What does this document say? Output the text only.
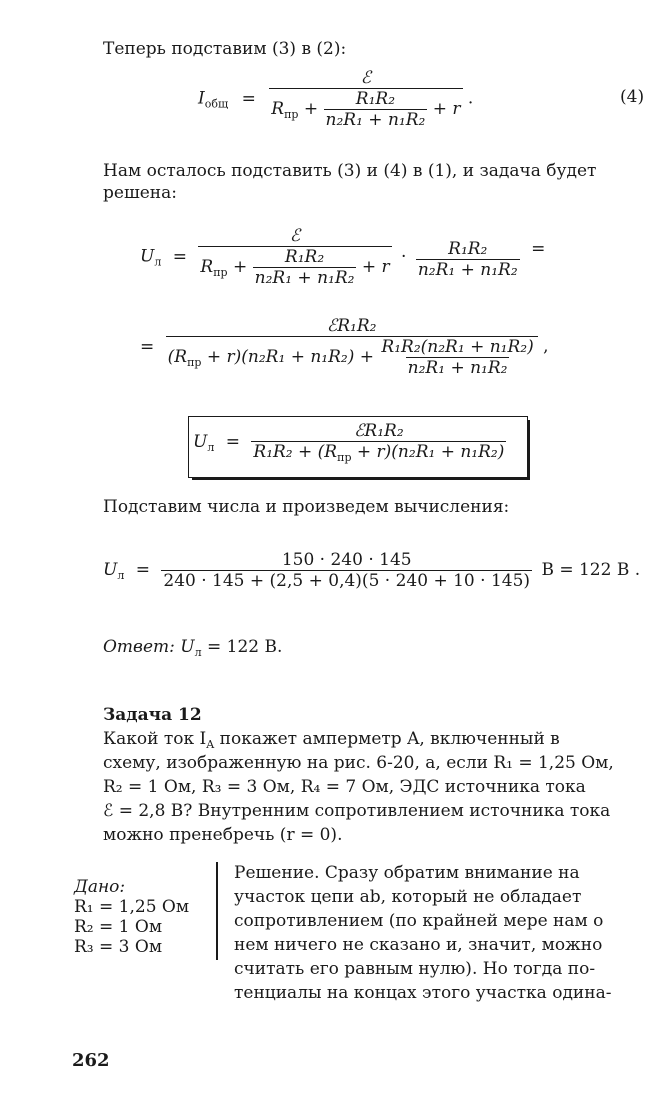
Теперь подставим (3) в (2):
$I_{общ}$ =
ℰ
$R_{пр} + \frac{\text{R₁R₂}}{\text{n₂R₁ + n₁R₂}} + r$
.	(4)
Нам осталось подставить (3) и (4) в (1), и задача будет
решена:
$U_л$ =
ℰ
$R_{пр} + \frac{\text{R₁R₂}}{\text{n₂R₁ + n₁R₂}} + r$
· $\frac{\text{R₁R₂}}{\text{n₂R₁ + n₁R₂}}$ =
=
ℰR₁R₂
$(R_{пр} + r)(n_2R_1 + n_1R_2) + \frac{\text{R₁R₂(n₂R₁ + n₁R₂)}}{\text{n₂R₁ + n₁R₂}}$ ,
$U_л = \frac{\text{ℰR₁R₂}}{R_1R_2 + (R_{пр} + r)(n_2R_1 + n_1R_2)}$
Подставим числа и произведем вычисления:
$U_л = \frac{150 \cdot 240 \cdot 145}{240 \cdot 145 + (2,5 + 0,4)(5 \cdot 240 + 10 \cdot 145)}$ В = 122 В .
Ответ: $U_л = 122$ В.
Задача 12
Какой ток $I_A$ покажет амперметр A, включенный в
схему, изображенную на рис. 6-20, а, если R₁ = 1,25 Ом,
R₂ = 1 Ом, R₃ = 3 Ом, R₄ = 7 Ом, ЭДС источника тока
ℰ = 2,8 В? Внутренним сопротивлением источника тока
можно пренебречь (r = 0).
Дано:
R₁ = 1,25 Ом
R₂ = 1 Ом
R₃ = 3 Ом
Решение. Сразу обратим внимание на
участок цепи ab, который не обладает
сопротивлением (по крайней мере нам о
нем ничего не сказано и, значит, можно
считать его равным нулю). Но тогда по-
тенциалы на концах этого участка одина-
262
